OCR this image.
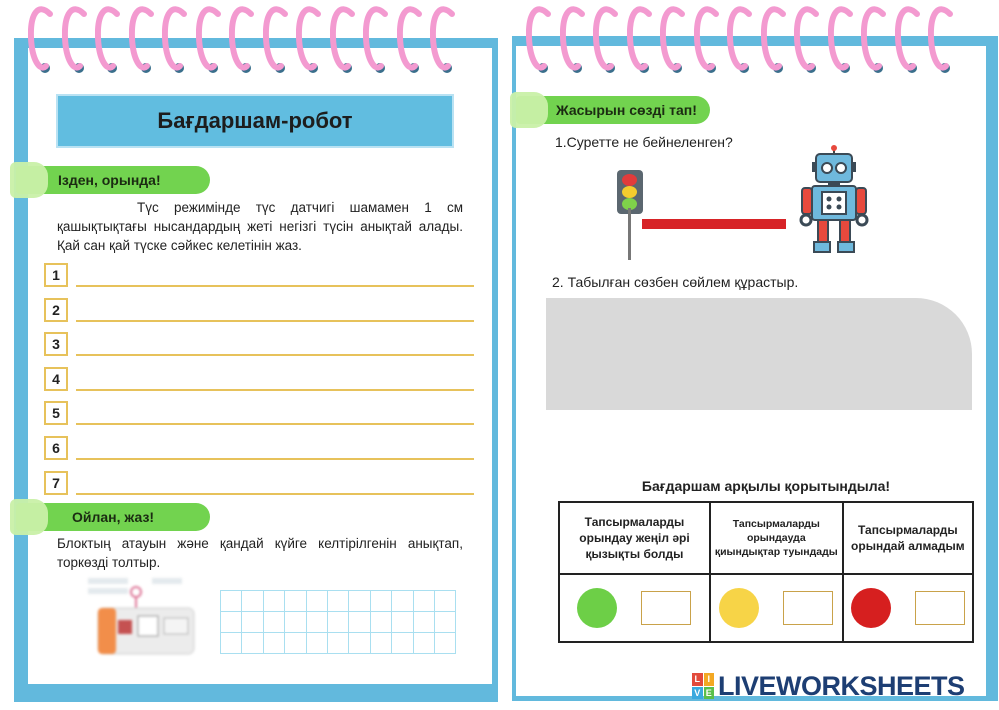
Бағдаршам-робот
Ізден, орында!
Түс режимінде түс датчигі шамамен 1 см қашықтықтағы нысандардың жеті негізгі түсін анықтай алады. Қай сан қай түске сәйкес келетінін жаз.
1
2
3
4
5
6
7
Ойлан, жаз!
Блоктың атауын және қандай күйге келтірілгенін анықтап, торкөзді толтыр.
Жасырын сөзді тап!
1.Суретте не бейнеленген?
2. Табылған сөзбен сөйлем құрастыр.
Бағдаршам арқылы қорытындыла!
Тапсырмаларды орындау жеңіл әрі қызықты болды	Тапсырмаларды орындауда қиындықтар туындады	Тапсырмаларды орындай алмадым

L I
V E LIVEWORKSHEETS
